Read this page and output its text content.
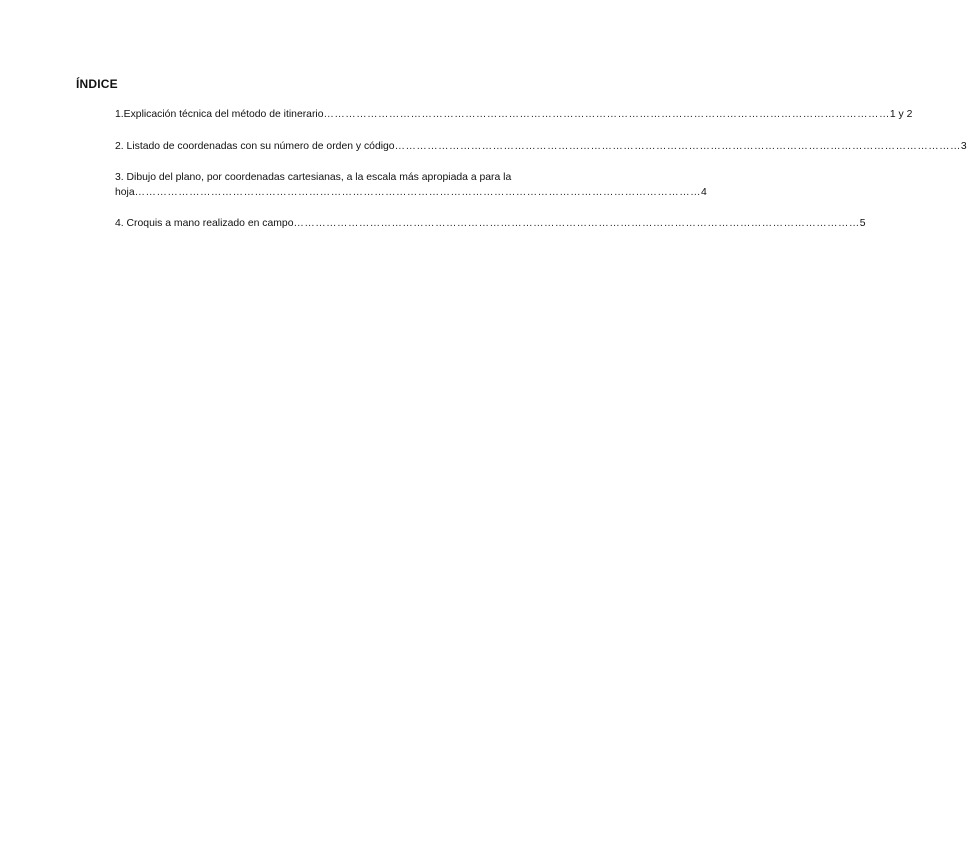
ÍNDICE
1.Explicación técnica del método de itinerario ………………………………………………………………………………………………………………………………………… 1 y 2
2. Listado de coordenadas con su número de orden y código ………………………………………………………………………………………………………………………………………… 3
3. Dibujo del plano, por coordenadas cartesianas, a la escala más apropiada a para la
hoja ………………………………………………………………………………………………………………………………………… 4
4. Croquis a mano realizado en campo ………………………………………………………………………………………………………………………………………… 5
